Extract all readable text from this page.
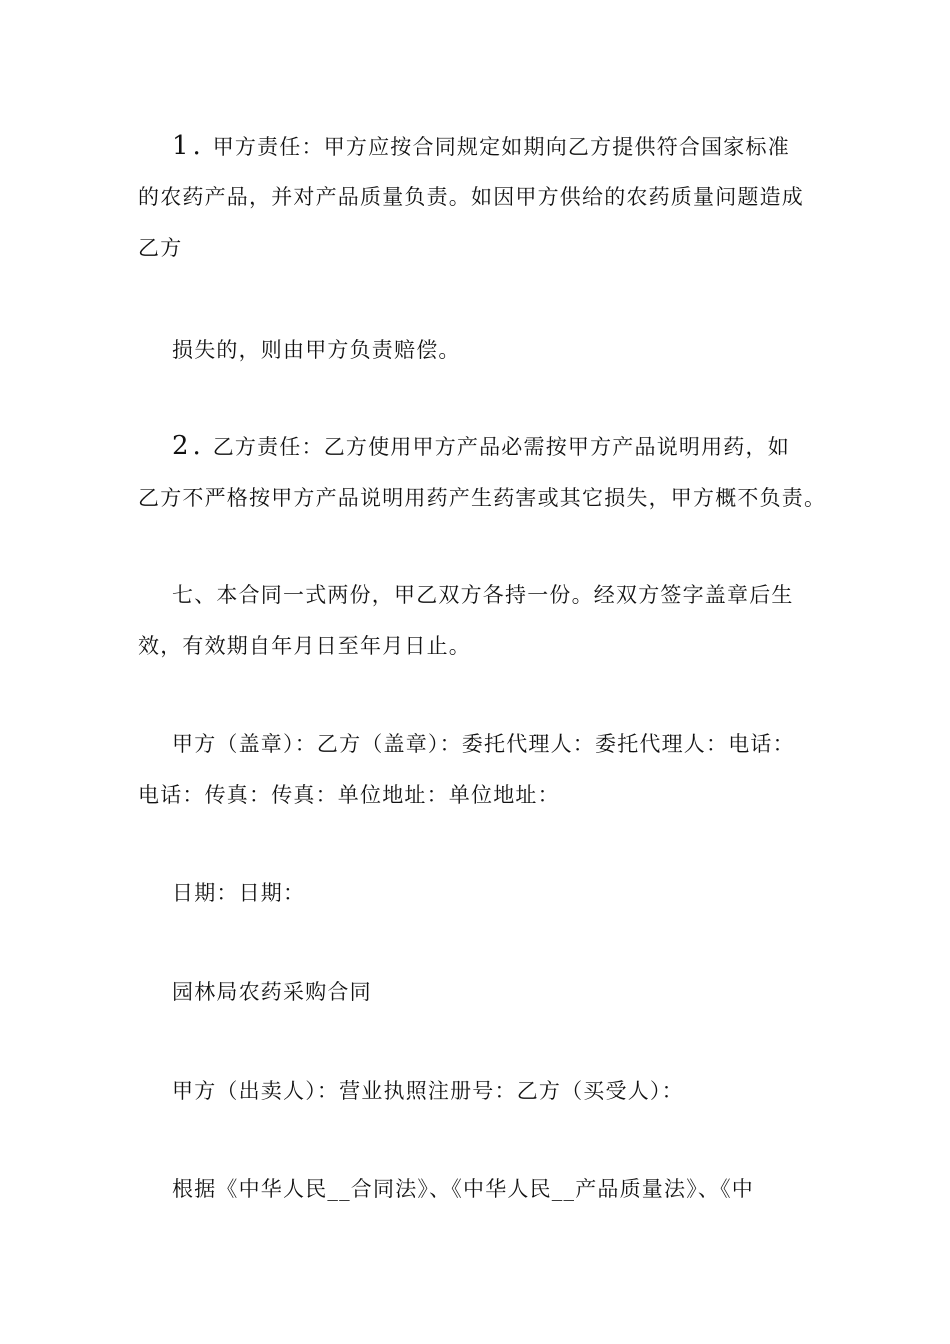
1. 甲方责任：甲方应按合同规定如期向乙方提供符合国家标准
的农药产品，并对产品质量负责。如因甲方供给的农药质量问题造成
乙方
损失的，则由甲方负责赔偿。
2. 乙方责任：乙方使用甲方产品必需按甲方产品说明用药，如
乙方不严格按甲方产品说明用药产生药害或其它损失，甲方概不负责。
七、本合同一式两份，甲乙双方各持一份。经双方签字盖章后生
效，有效期自年月日至年月日止。
甲方（盖章）：乙方（盖章）：委托代理人：委托代理人：电话：
电话：传真：传真：单位地址：单位地址：
日期：日期：
园林局农药采购合同
甲方（出卖人）：营业执照注册号：乙方（买受人）：
根据《中华人民__合同法》、《中华人民__产品质量法》、《中
